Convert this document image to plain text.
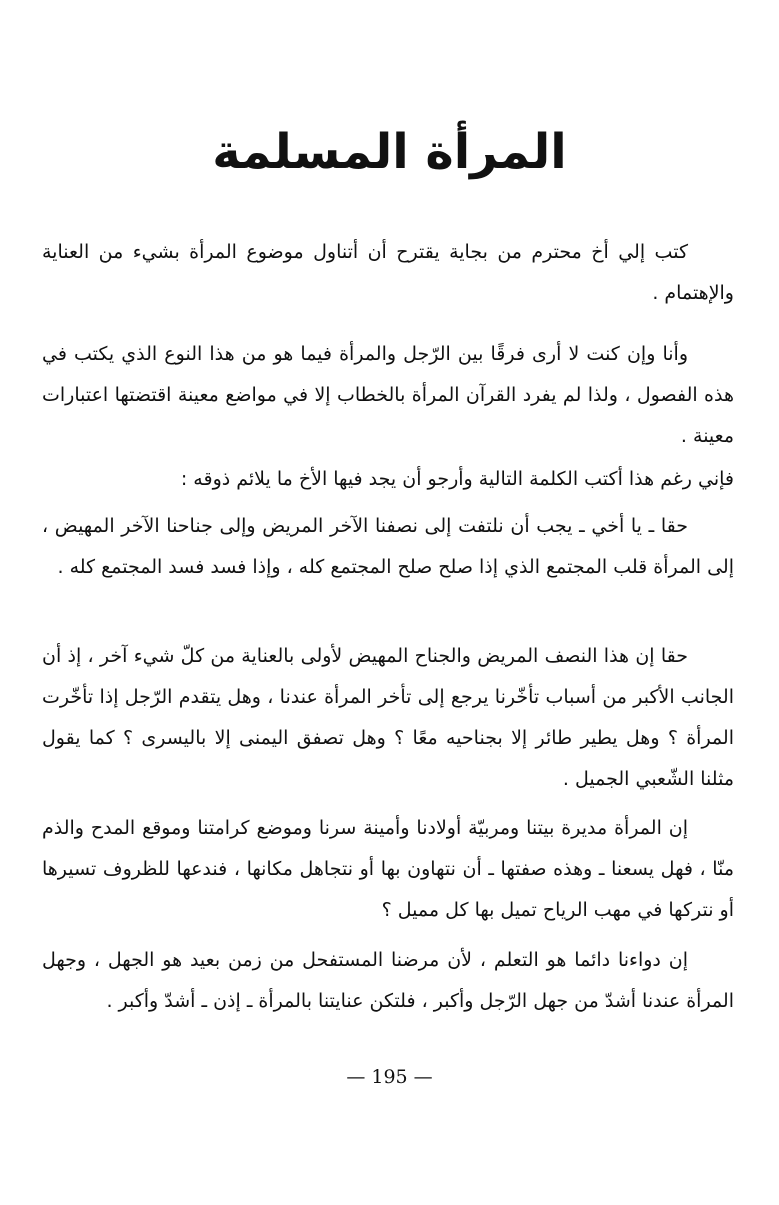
المرأة المسلمة

كتب إلي أخ محترم من بجاية يقترح أن أتناول موضوع المرأة بشيء من العناية والإهتمام .

وأنا وإن كنت لا أرى فرقًا بين الرّجل والمرأة فيما هو من هذا النوع الذي يكتب في هذه الفصول ، ولذا لم يفرد القرآن المرأة بالخطاب إلا في مواضع معينة اقتضتها اعتبارات معينة .

فإني رغم هذا أكتب الكلمة التالية وأرجو أن يجد فيها الأخ ما يلائم ذوقه :

حقا ـ يا أخي ـ يجب أن نلتفت إلى نصفنا الآخر المريض وإلى جناحنا الآخر المهيض ، إلى المرأة قلب المجتمع الذي إذا صلح صلح المجتمع كله ، وإذا فسد فسد المجتمع كله .

حقا إن هذا النصف المريض والجناح المهيض لأولى بالعناية من كلّ شيء آخر ، إذ أن الجانب الأكبر من أسباب تأخّرنا يرجع إلى تأخر المرأة عندنا ، وهل يتقدم الرّجل إذا تأخّرت المرأة ؟ وهل يطير طائر إلا بجناحيه معًا ؟ وهل تصفق اليمنى إلا باليسرى ؟ كما يقول مثلنا الشّعبي الجميل .

إن المرأة مديرة بيتنا ومربيّة أولادنا وأمينة سرنا وموضع كرامتنا وموقع المدح والذم منّا ، فهل يسعنا ـ وهذه صفتها ـ أن نتهاون بها أو نتجاهل مكانها ، فندعها للظروف تسيرها أو نتركها في مهب الرياح تميل بها كل مميل ؟

إن دواءنا دائما هو التعلم ، لأن مرضنا المستفحل من زمن بعيد هو الجهل ، وجهل المرأة عندنا أشدّ من جهل الرّجل وأكبر ، فلتكن عنايتنا بالمرأة ـ إذن ـ أشدّ وأكبر .

— 195 —
